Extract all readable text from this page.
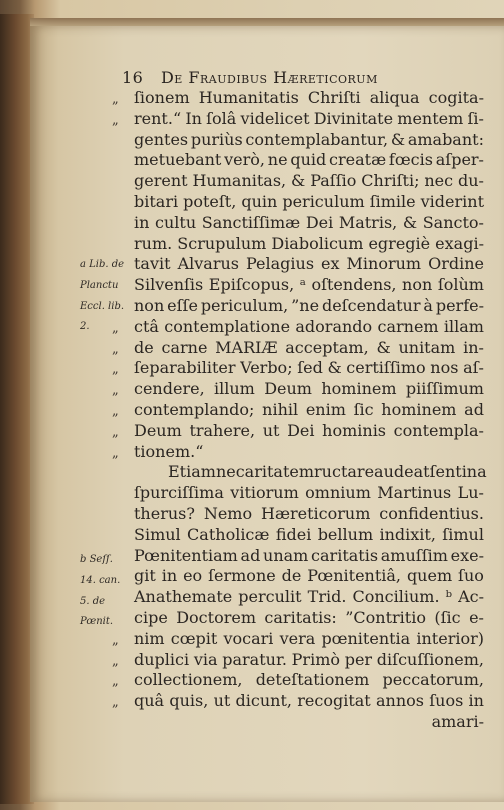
16 De Fraudibus Hæreticorum
a Lib. de
Planctu
Eccl. lib.
2.
b Seſſ.
14. can.
5. de
Pœnit.
„ ſionem Humanitatis Chriſti aliqua cogita-
„ rent.“ In ſolâ videlicet Divinitate mentem ſi-
gentes puriùs contemplabantur, & amabant:
metuebant verò, ne quid creatæ fœcis aſper-
gerent Humanitas, & Paſſio Chriſti; nec du-
bitari poteſt, quin periculum ſimile viderint
in cultu Sanctiſſimæ Dei Matris, & Sancto-
rum. Scrupulum Diabolicum egregiè exagi-
tavit Alvarus Pelagius ex Minorum Ordine
Silvenſis Epiſcopus, ᵃ oſtendens, non ſolùm
non eſſe periculum, ”ne deſcendatur à perfe-
„ ctâ contemplatione adorando carnem illam
„ de carne MARIÆ acceptam, & unitam in-
„ ſeparabiliter Verbo; ſed & certiſſimo nos aſ-
„ cendere, illum Deum hominem piiſſimum
„ contemplando; nihil enim ſic hominem ad
„ Deum trahere, ut Dei hominis contempla-
„ tionem.“
Etiamne caritatem ructare audeat ſentina
ſpurciſſima vitiorum omnium Martinus Lu-
therus? Nemo Hæreticorum confidentius.
Simul Catholicæ fidei bellum indixit, ſimul
Pœnitentiam ad unam caritatis amuſſim exe-
git in eo ſermone de Pœnitentiâ, quem ſuo
Anathemate perculit Trid. Concilium. ᵇ Ac-
cipe Doctorem caritatis: ”Contritio (ſic e-
„ nim cœpit vocari vera pœnitentia interior)
„ duplici via paratur. Primò per diſcuſſionem,
„ collectionem, deteſtationem peccatorum,
„ quâ quis, ut dicunt, recogitat annos ſuos in
amari-
